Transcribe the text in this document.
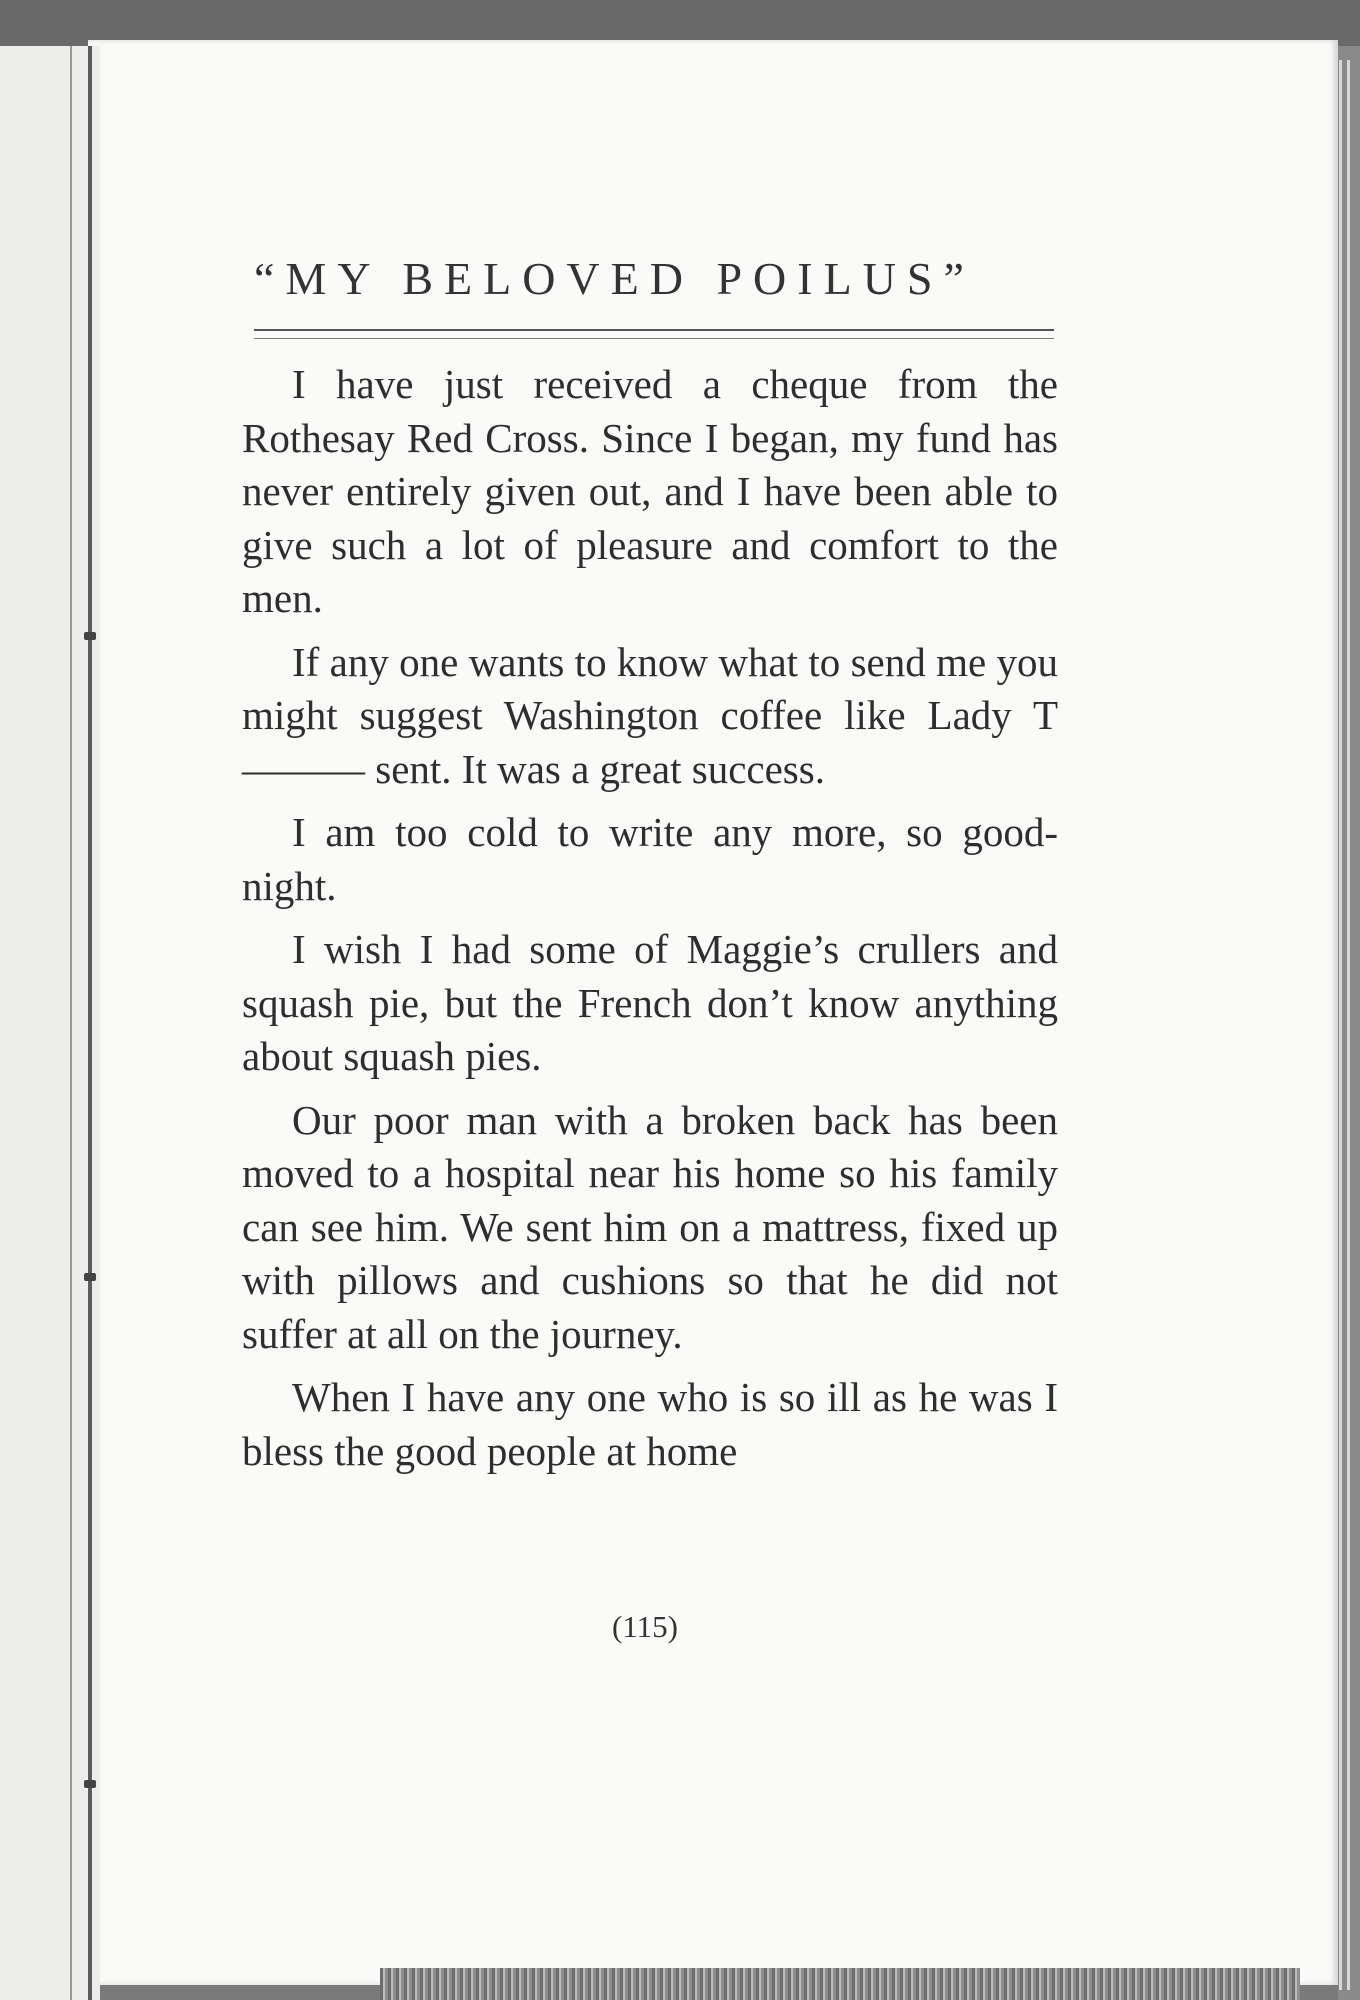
“MY BELOVED POILUS”

I have just received a cheque from the Rothesay Red Cross. Since I began, my fund has never entirely given out, and I have been able to give such a lot of pleasure and comfort to the men.

If any one wants to know what to send me you might suggest Washington coffee like Lady T——— sent. It was a great success.

I am too cold to write any more, so good-night.

I wish I had some of Maggie’s crullers and squash pie, but the French don’t know anything about squash pies.

Our poor man with a broken back has been moved to a hospital near his home so his family can see him. We sent him on a mattress, fixed up with pillows and cushions so that he did not suffer at all on the journey.

When I have any one who is so ill as he was I bless the good people at home

(115)
